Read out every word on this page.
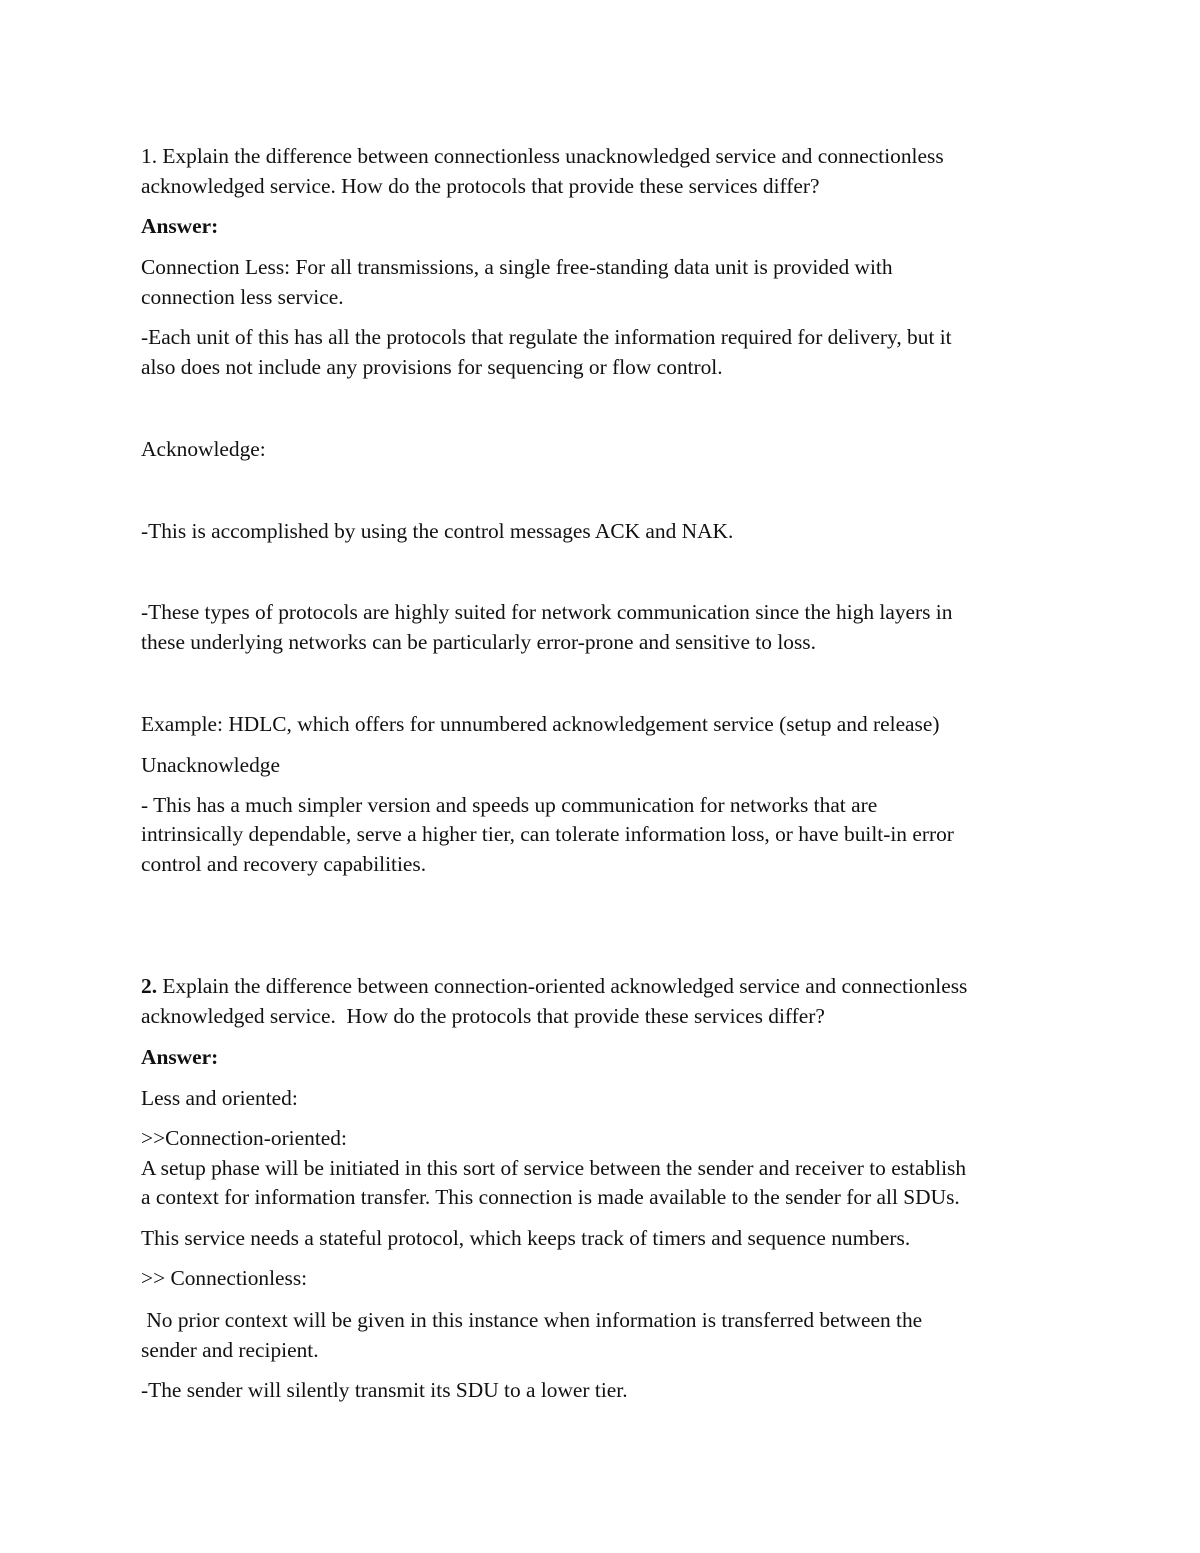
1. Explain the difference between connectionless unacknowledged service and connectionless

acknowledged service. How do the protocols that provide these services differ?

Answer:

Connection Less: For all transmissions, a single free-standing data unit is provided with

connection less service.

-Each unit of this has all the protocols that regulate the information required for delivery, but it

also does not include any provisions for sequencing or flow control.

Acknowledge:

-This is accomplished by using the control messages ACK and NAK.

-These types of protocols are highly suited for network communication since the high layers in

these underlying networks can be particularly error-prone and sensitive to loss.

Example: HDLC, which offers for unnumbered acknowledgement service (setup and release)

Unacknowledge

- This has a much simpler version and speeds up communication for networks that are

intrinsically dependable, serve a higher tier, can tolerate information loss, or have built-in error

control and recovery capabilities.

2. Explain the difference between connection-oriented acknowledged service and connectionless

acknowledged service.  How do the protocols that provide these services differ?

Answer:

Less and oriented:

>>Connection-oriented:

A setup phase will be initiated in this sort of service between the sender and receiver to establish

a context for information transfer. This connection is made available to the sender for all SDUs.

This service needs a stateful protocol, which keeps track of timers and sequence numbers.

>> Connectionless:

No prior context will be given in this instance when information is transferred between the

sender and recipient.

-The sender will silently transmit its SDU to a lower tier.
